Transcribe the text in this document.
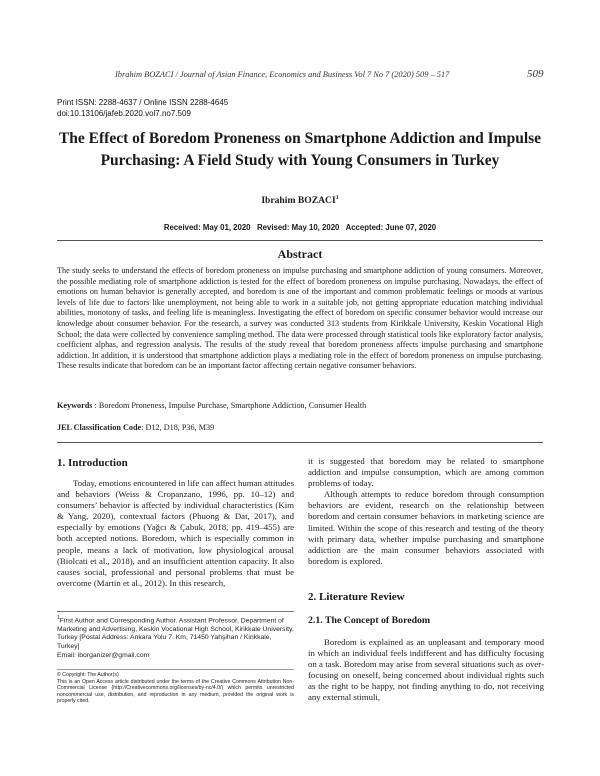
Ibrahim BOZACI / Journal of Asian Finance, Economics and Business Vol 7 No 7 (2020) 509 – 517	509
Print ISSN: 2288-4637 / Online ISSN 2288-4645
doi:10.13106/jafeb.2020.vol7.no7.509
The Effect of Boredom Proneness on Smartphone Addiction and Impulse
Purchasing: A Field Study with Young Consumers in Turkey
Ibrahim BOZACI$^1$
Received: May 01, 2020   Revised: May 10, 2020   Accepted: June 07, 2020
Abstract
The study seeks to understand the effects of boredom proneness on impulse purchasing and smartphone addiction of young consumers. Moreover, the possible mediating role of smartphone addiction is tested for the effect of boredom proneness on impulse purchasing. Nowadays, the effect of emotions on human behavior is generally accepted, and boredom is one of the important and common problematic feelings or moods at various levels of life due to factors like unemployment, not being able to work in a suitable job, not getting appropriate education matching individual abilities, monotony of tasks, and feeling life is meaningless. Investigating the effect of boredom on specific consumer behavior would increase our knowledge about consumer behavior. For the research, a survey was conducted 313 students from Kirikkale University, Keskin Vocational High School; the data were collected by convenience sampling method. The data were processed through statistical tools like exploratory factor analysis, coefficient alphas, and regression analysis. The results of the study reveal that boredom proneness affects impulse purchasing and smartphone addiction. In addition, it is understood that smartphone addiction plays a mediating role in the effect of boredom proneness on impulse purchasing. These results indicate that boredom can be an important factor affecting certain negative consumer behaviors.
Keywords : Boredom Proneness, Impulse Purchase, Smartphone Addiction, Consumer Health
JEL Classification Code: D12, D18, P36, M39
1. Introduction

Today, emotions encountered in life can affect human attitudes and behaviors (Weiss & Cropanzano, 1996, pp. 10–12) and consumers’ behavior is affected by individual characteristics (Kim & Yang, 2020), contextual factors (Phuong & Dat, 2017), and especially by emotions (Yağcı & Çabuk, 2018, pp. 419–455) are both accepted notions. Boredom, which is especially common in people, means a lack of motivation, low physiological arousal (Biolcati et al., 2018), and an insufficient attention capacity. It also causes social, professional and personal problems that must be overcome (Martin et al., 2012). In this research,

$^1$First Author and Corresponding Author. Assistant Professor, Department of Marketing and Advertising, Keskin Vocational High School, Kirikkale University, Turkey [Postal Address: Ankara Yolu 7. Km, 71450 Yahşihan / Kirikkale, Turkey]
Email: iborganizer@gmail.com
© Copyright: The Author(s)
This is an Open Access article distributed under the terms of the Creative Commons Attribution Non-Commercial License (http://Creativecommons.org/licenses/by-nc/4.0/) which permits unrestricted noncommercial use, distribution, and reproduction in any medium, provided the original work is properly cited.

it is suggested that boredom may be related to smartphone addiction and impulse consumption, which are among common problems of today.

Although attempts to reduce boredom through consumption behaviors are evident, research on the relationship between boredom and certain consumer behaviors in marketing science are limited. Within the scope of this research and testing of the theory with primary data, whether impulse purchasing and smartphone addiction are the main consumer behaviors associated with boredom is explored.

2. Literature Review
2.1. The Concept of Boredom

Boredom is explained as an unpleasant and temporary mood in which an individual feels indifferent and has difficulty focusing on a task. Boredom may arise from several situations such as over-focusing on oneself, being concerned about individual rights such as the right to be happy, not finding anything to do, not receiving any external stimuli,
